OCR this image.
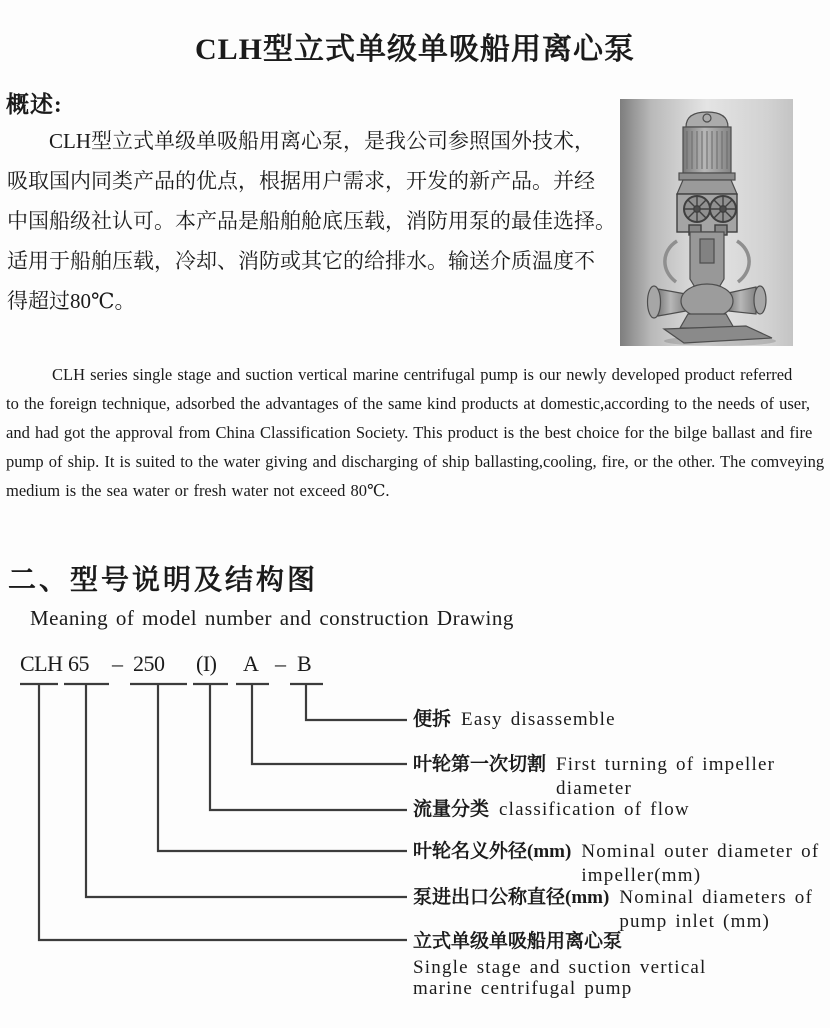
CLH型立式单级单吸船用离心泵
概述:
CLH型立式单级单吸船用离心泵，是我公司参照国外技术，
吸取国内同类产品的优点，根据用户需求，开发的新产品。并经
中国船级社认可。本产品是船舶舱底压载，消防用泵的最佳选择。
适用于船舶压载，冷却、消防或其它的给排水。输送介质温度不
得超过80℃。
CLH series single stage and suction vertical marine centrifugal pump is our newly developed product referred
to the foreign technique, adsorbed the advantages of the same kind products at domestic,according to the needs of user,
and had got the approval from China Classification Society. This product is the best choice for the bilge ballast and fire
pump of ship. It is suited to the water giving and discharging of ship ballasting,cooling, fire, or the other. The comveying
medium is the sea water or fresh water not exceed 80℃.
二、型号说明及结构图
Meaning of model number and construction Drawing
CLH 65 – 250 (I) A – B
便拆 Easy disassemble
叶轮第一次切割 First turning of impeller
diameter
流量分类 classification of flow
叶轮名义外径(mm) Nominal outer diameter of
impeller(mm)
泵进出口公称直径(mm) Nominal diameters of
pump inlet (mm)
立式单级单吸船用离心泵
Single stage and suction vertical
marine centrifugal pump
